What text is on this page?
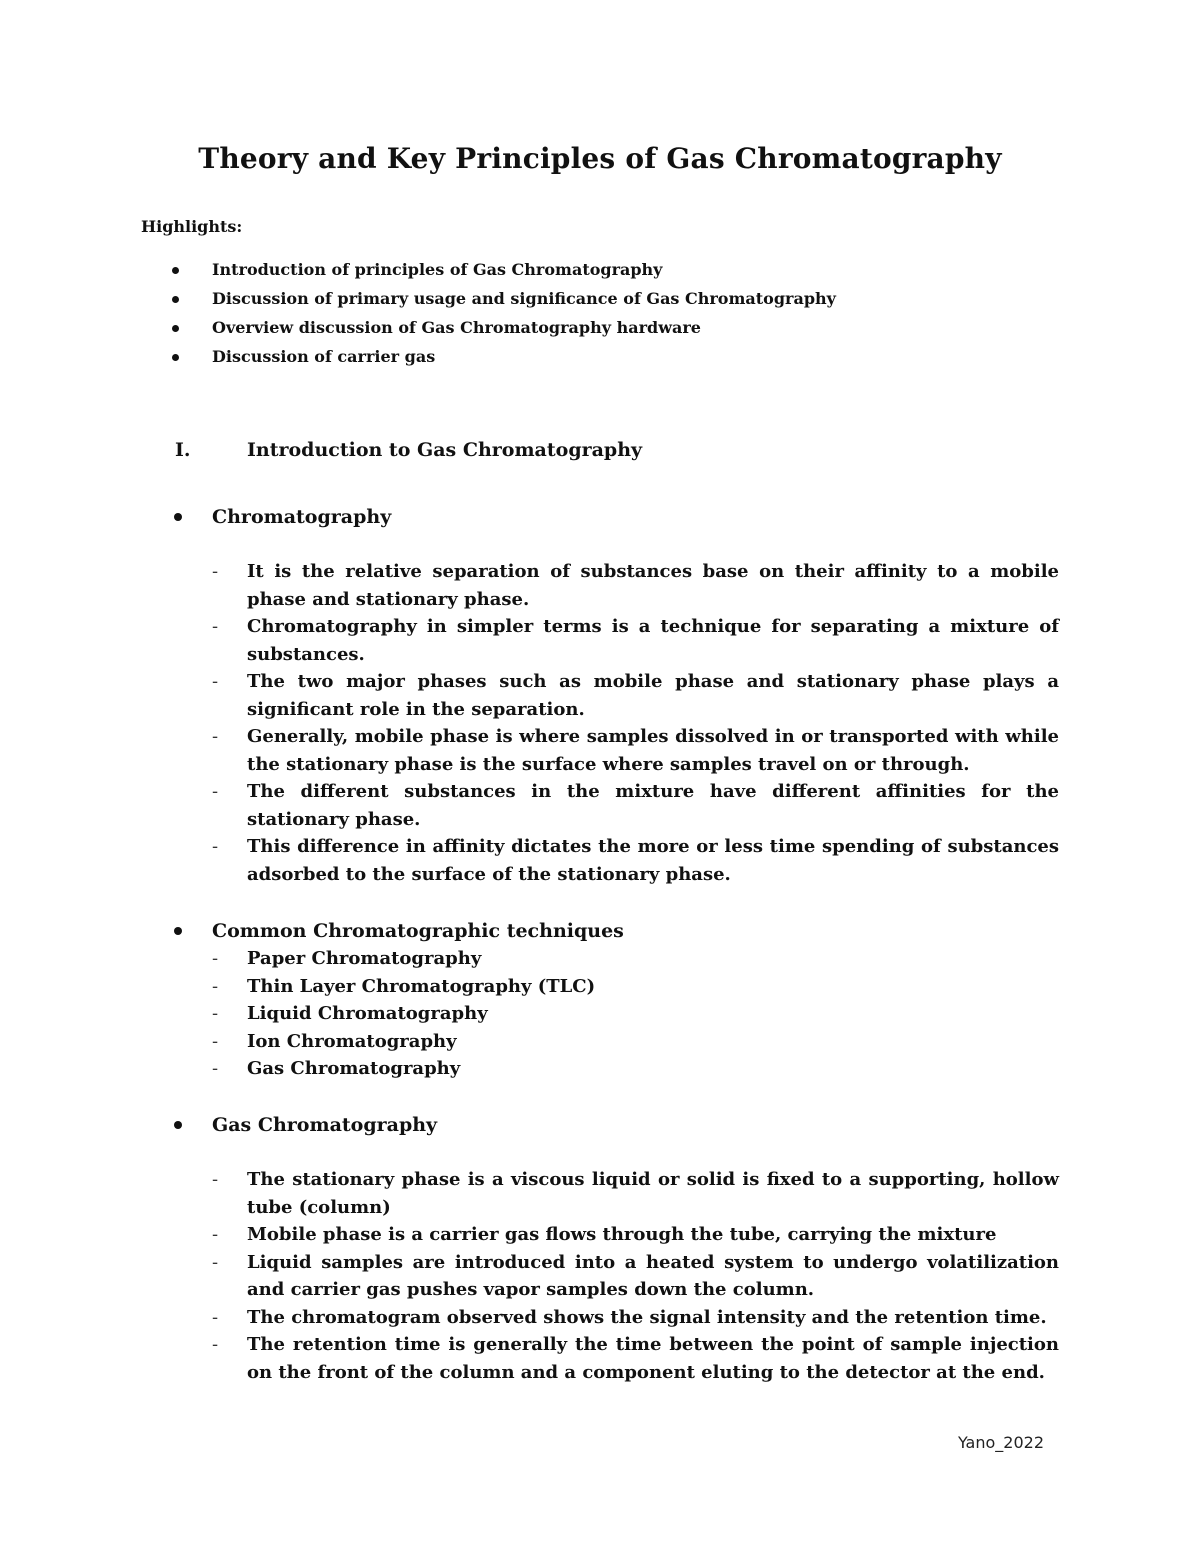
Theory and Key Principles of Gas Chromatography
Highlights:
Introduction of principles of Gas Chromatography
Discussion of primary usage and significance of Gas Chromatography
Overview discussion of Gas Chromatography hardware
Discussion of carrier gas
I.	Introduction to Gas Chromatography
Chromatography
- It is the relative separation of substances base on their affinity to a mobile phase and stationary phase.
- Chromatography in simpler terms is a technique for separating a mixture of substances.
- The two major phases such as mobile phase and stationary phase plays a significant role in the separation.
- Generally, mobile phase is where samples dissolved in or transported with while the stationary phase is the surface where samples travel on or through.
- The different substances in the mixture have different affinities for the stationary phase.
- This difference in affinity dictates the more or less time spending of substances adsorbed to the surface of the stationary phase.
Common Chromatographic techniques
- Paper Chromatography
- Thin Layer Chromatography (TLC)
- Liquid Chromatography
- Ion Chromatography
- Gas Chromatography
Gas Chromatography
- The stationary phase is a viscous liquid or solid is fixed to a supporting, hollow tube (column)
- Mobile phase is a carrier gas flows through the tube, carrying the mixture
- Liquid samples are introduced into a heated system to undergo volatilization and carrier gas pushes vapor samples down the column.
- The chromatogram observed shows the signal intensity and the retention time.
- The retention time is generally the time between the point of sample injection on the front of the column and a component eluting to the detector at the end.
Yano_2022
